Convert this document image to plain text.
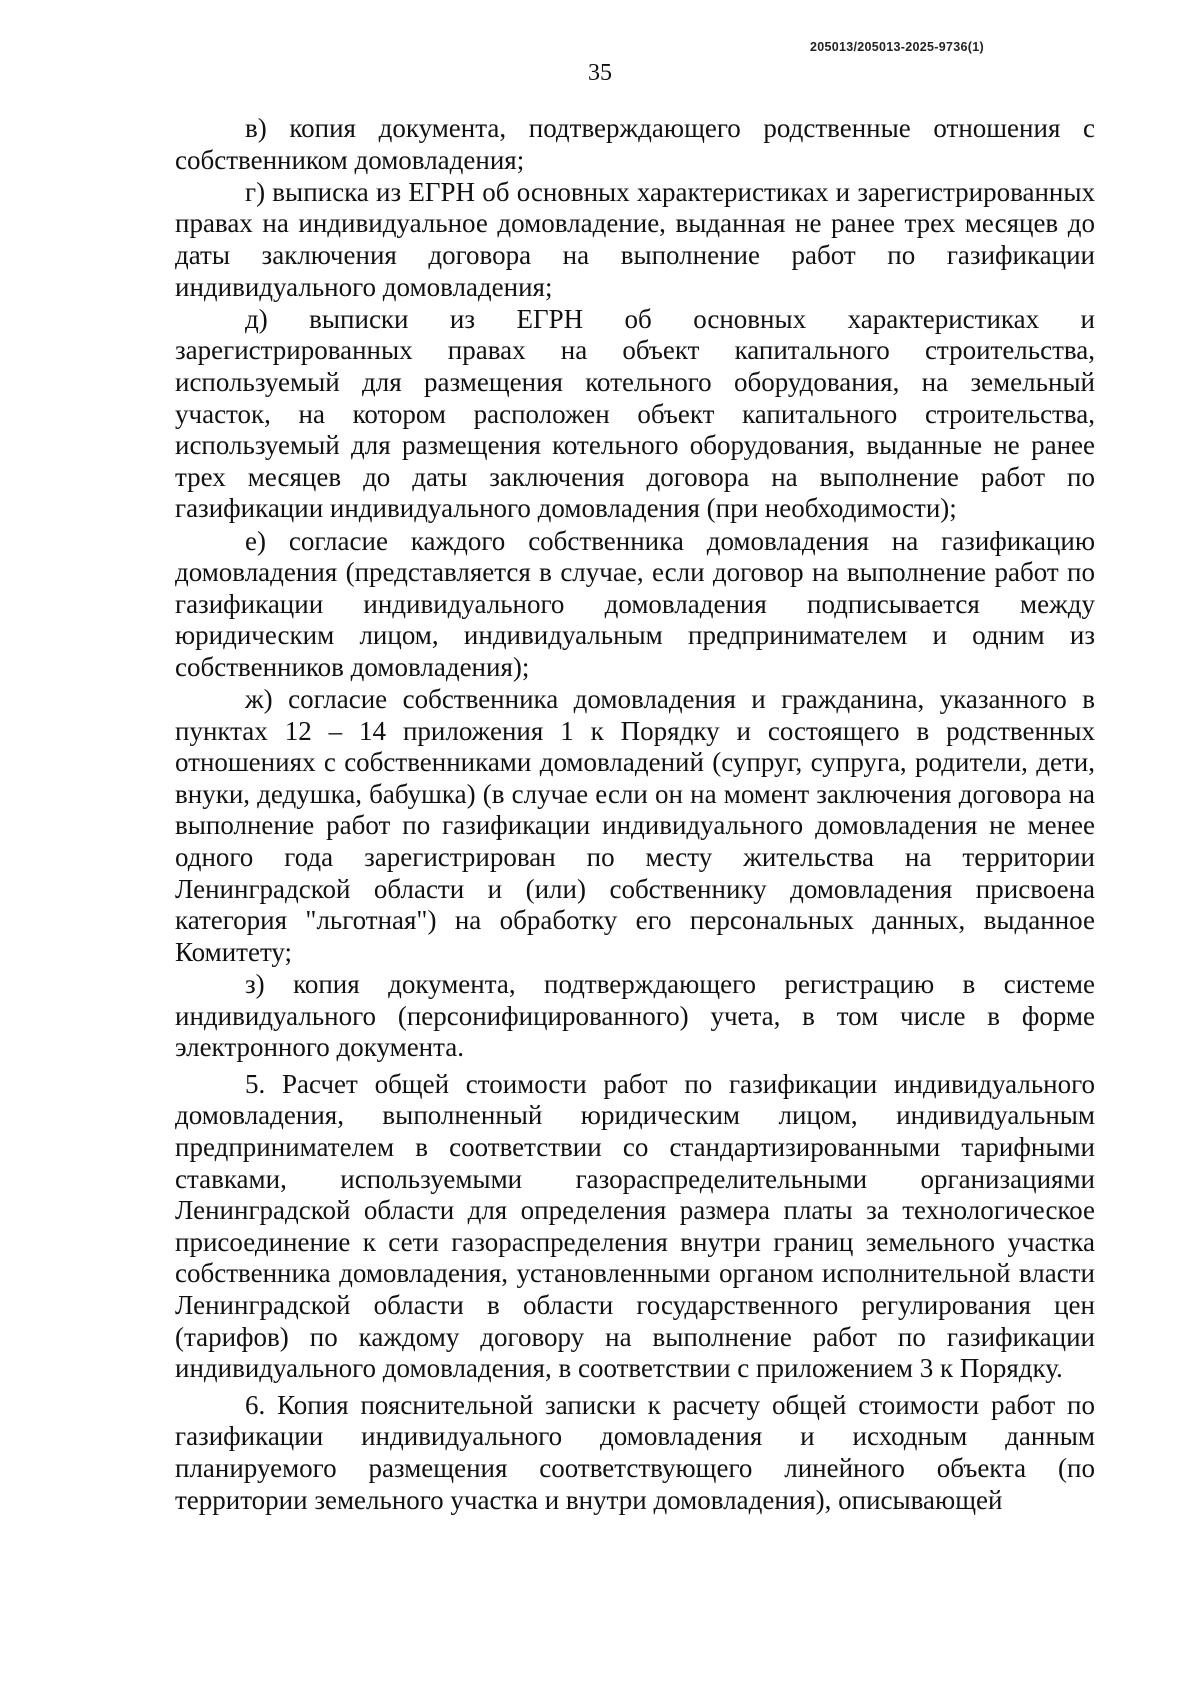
205013/205013-2025-9736(1)
35

в) копия документа, подтверждающего родственные отношения с собственником домовладения;

г) выписка из ЕГРН об основных характеристиках и зарегистрированных правах на индивидуальное домовладение, выданная не ранее трех месяцев до даты заключения договора на выполнение работ по газификации индивидуального домовладения;

д) выписки из ЕГРН об основных характеристиках и зарегистрированных правах на объект капитального строительства, используемый для размещения котельного оборудования, на земельный участок, на котором расположен объект капитального строительства, используемый для размещения котельного оборудования, выданные не ранее трех месяцев до даты заключения договора на выполнение работ по газификации индивидуального домовладения (при необходимости);

е) согласие каждого собственника домовладения на газификацию домовладения (представляется в случае, если договор на выполнение работ по газификации индивидуального домовладения подписывается между юридическим лицом, индивидуальным предпринимателем и одним из собственников домовладения);

ж) согласие собственника домовладения и гражданина, указанного в пунктах 12 – 14 приложения 1 к Порядку и состоящего в родственных отношениях с собственниками домовладений (супруг, супруга, родители, дети, внуки, дедушка, бабушка) (в случае если он на момент заключения договора на выполнение работ по газификации индивидуального домовладения не менее одного года зарегистрирован по месту жительства на территории Ленинградской области и (или) собственнику домовладения присвоена категория "льготная") на обработку его персональных данных, выданное Комитету;

з) копия документа, подтверждающего регистрацию в системе индивидуального (персонифицированного) учета, в том числе в форме электронного документа.

5. Расчет общей стоимости работ по газификации индивидуального домовладения, выполненный юридическим лицом, индивидуальным предпринимателем в соответствии со стандартизированными тарифными ставками, используемыми газораспределительными организациями Ленинградской области для определения размера платы за технологическое присоединение к сети газораспределения внутри границ земельного участка собственника домовладения, установленными органом исполнительной власти Ленинградской области в области государственного регулирования цен (тарифов) по каждому договору на выполнение работ по газификации индивидуального домовладения, в соответствии с приложением 3 к Порядку.

6. Копия пояснительной записки к расчету общей стоимости работ по газификации индивидуального домовладения и исходным данным планируемого размещения соответствующего линейного объекта (по территории земельного участка и внутри домовладения), описывающей
